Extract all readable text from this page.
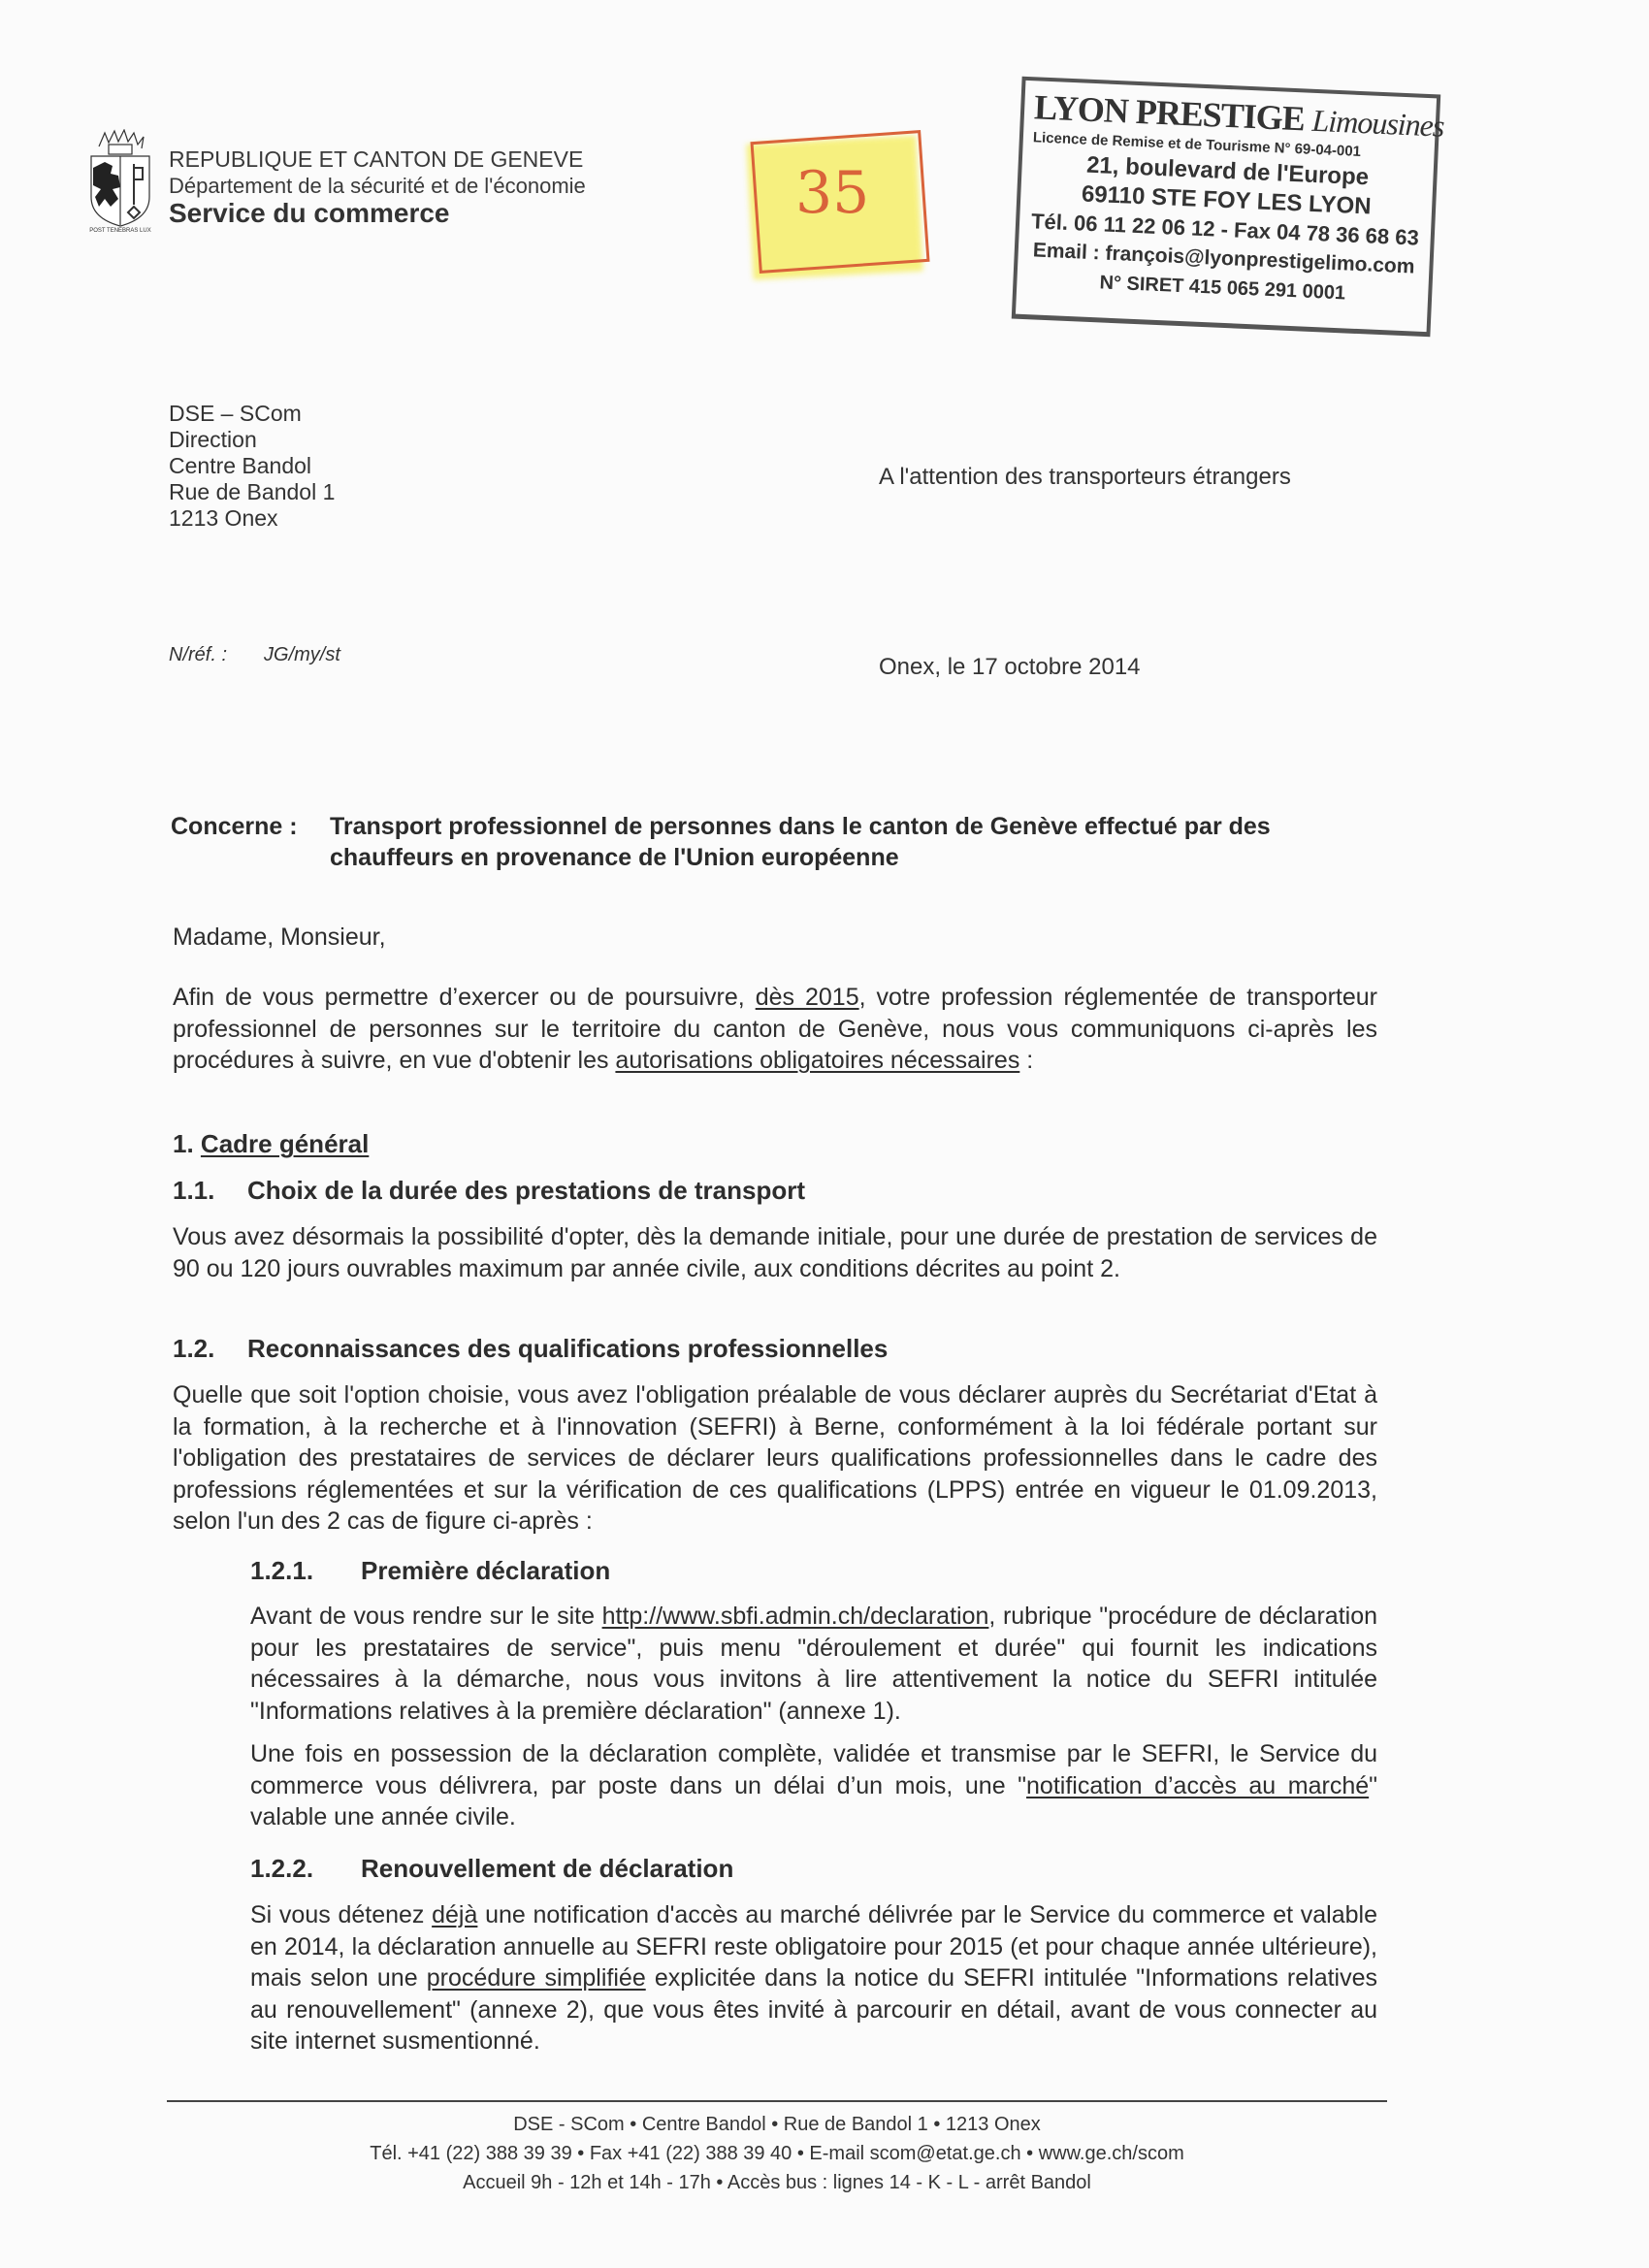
POST TENEBRAS LUX
REPUBLIQUE ET CANTON DE GENEVE
Département de la sécurité et de l'économie
Service du commerce	35
LYON PRESTIGE Limousines
Licence de Remise et de Tourisme N° 69-04-001
21, boulevard de l'Europe
69110 STE FOY LES LYON
Tél. 06 11 22 06 12 - Fax 04 78 36 68 63
Email : françois@lyonprestigelimo.com
N° SIRET 415 065 291 0001
DSE – SCom
Direction
Centre Bandol
Rue de Bandol 1
1213 Onex
A l'attention des transporteurs étrangers
N/réf. : JG/my/st	Onex, le 17 octobre 2014
Concerne : Transport professionnel de personnes dans le canton de Genève effectué par des chauffeurs en provenance de l'Union européenne
Madame, Monsieur,
Afin de vous permettre d’exercer ou de poursuivre, dès 2015, votre profession réglementée de transporteur professionnel de personnes sur le territoire du canton de Genève, nous vous communiquons ci-après les procédures à suivre, en vue d'obtenir les autorisations obligatoires nécessaires :
1. Cadre général
1.1. Choix de la durée des prestations de transport
Vous avez désormais la possibilité d'opter, dès la demande initiale, pour une durée de prestation de services de 90 ou 120 jours ouvrables maximum par année civile, aux conditions décrites au point 2.
1.2. Reconnaissances des qualifications professionnelles
Quelle que soit l'option choisie, vous avez l'obligation préalable de vous déclarer auprès du Secrétariat d'Etat à la formation, à la recherche et à l'innovation (SEFRI) à Berne, conformément à la loi fédérale portant sur l'obligation des prestataires de services de déclarer leurs qualifications professionnelles dans le cadre des professions réglementées et sur la vérification de ces qualifications (LPPS) entrée en vigueur le 01.09.2013, selon l'un des 2 cas de figure ci-après :
1.2.1. Première déclaration
Avant de vous rendre sur le site http://www.sbfi.admin.ch/declaration, rubrique "procédure de déclaration pour les prestataires de service", puis menu "déroulement et durée" qui fournit les indications nécessaires à la démarche, nous vous invitons à lire attentivement la notice du SEFRI intitulée "Informations relatives à la première déclaration" (annexe 1).
Une fois en possession de la déclaration complète, validée et transmise par le SEFRI, le Service du commerce vous délivrera, par poste dans un délai d’un mois, une "notification d’accès au marché" valable une année civile.
1.2.2. Renouvellement de déclaration
Si vous détenez déjà une notification d'accès au marché délivrée par le Service du commerce et valable en 2014, la déclaration annuelle au SEFRI reste obligatoire pour 2015 (et pour chaque année ultérieure), mais selon une procédure simplifiée explicitée dans la notice du SEFRI intitulée "Informations relatives au renouvellement" (annexe 2), que vous êtes invité à parcourir en détail, avant de vous connecter au site internet susmentionné.
DSE - SCom • Centre Bandol • Rue de Bandol 1 • 1213 Onex
Tél. +41 (22) 388 39 39 • Fax +41 (22) 388 39 40 • E-mail scom@etat.ge.ch • www.ge.ch/scom
Accueil 9h - 12h et 14h - 17h • Accès bus : lignes 14 - K - L - arrêt Bandol
